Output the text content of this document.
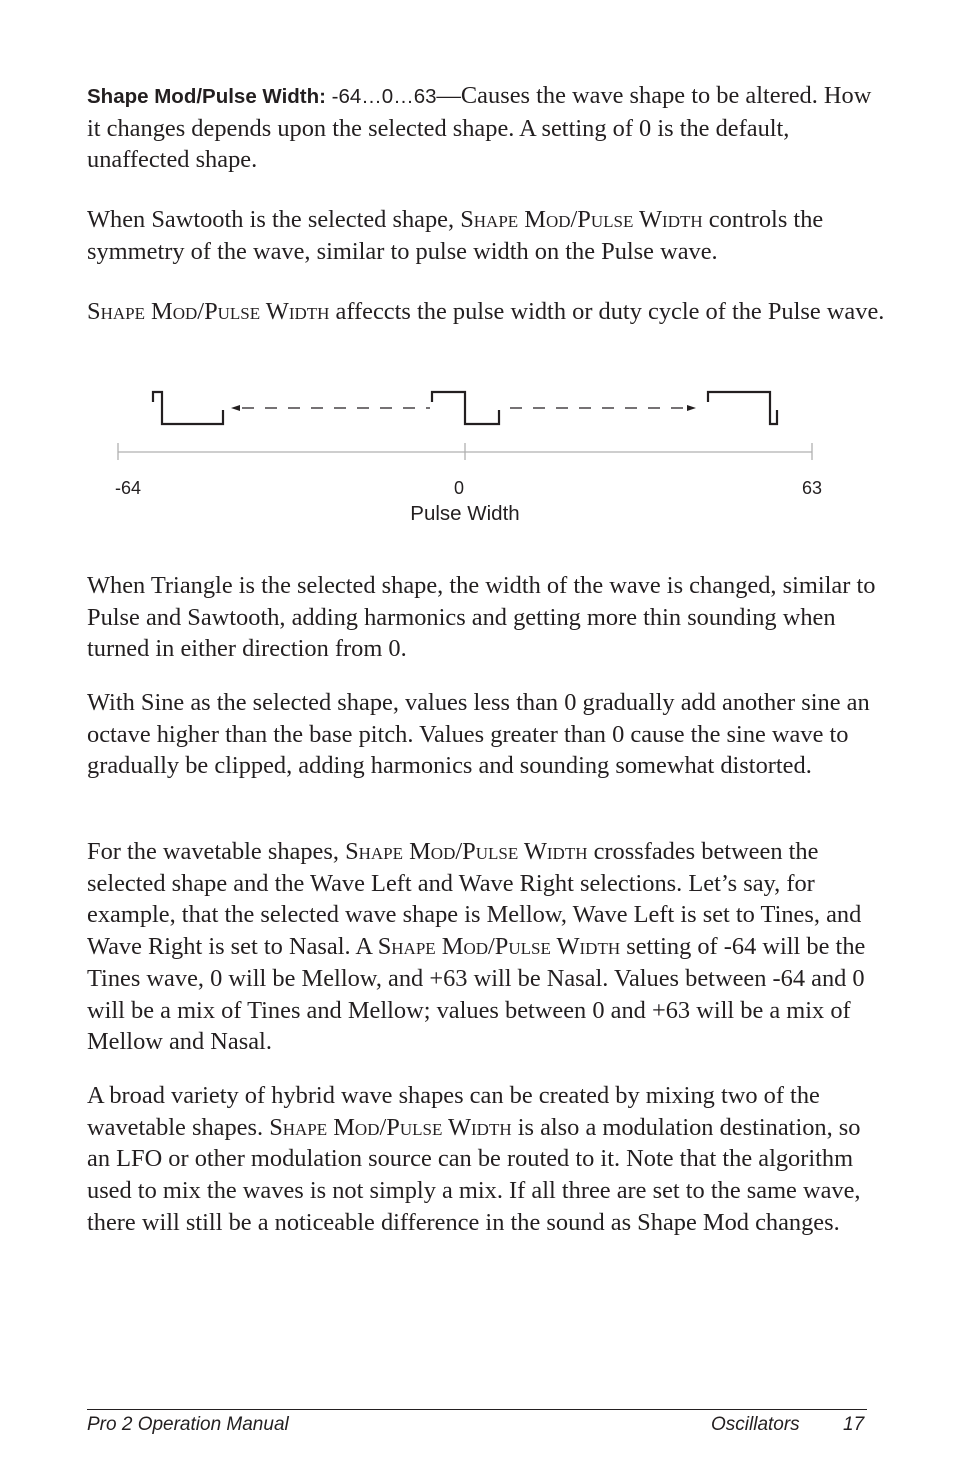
Shape Mod/Pulse Width: -64…0…63—Causes the wave shape to be altered. How it changes depends upon the selected shape. A setting of 0 is the default, unaffected shape.

When Sawtooth is the selected shape, Shape Mod/Pulse Width controls the symmetry of the wave, similar to pulse width on the Pulse wave.

Shape Mod/Pulse Width affeccts the pulse width or duty cycle of the Pulse wave.

-64	0	63
Pulse Width

When Triangle is the selected shape, the width of the wave is changed, similar to Pulse and Sawtooth, adding harmonics and getting more thin sounding when turned in either direction from 0.

With Sine as the selected shape, values less than 0 gradually add another sine an octave higher than the base pitch. Values greater than 0 cause the sine wave to gradually be clipped, adding harmonics and sounding somewhat distorted.

For the wavetable shapes, Shape Mod/Pulse Width crossfades between the selected shape and the Wave Left and Wave Right selections. Let’s say, for example, that the selected wave shape is Mellow, Wave Left is set to Tines, and Wave Right is set to Nasal. A Shape Mod/Pulse Width setting of -64 will be the Tines wave, 0 will be Mellow, and +63 will be Nasal. Values between -64 and 0 will be a mix of Tines and Mellow; values between 0 and +63 will be a mix of Mellow and Nasal.

A broad variety of hybrid wave shapes can be created by mixing two of the wavetable shapes. Shape Mod/Pulse Width is also a modulation destination, so an LFO or other modulation source can be routed to it. Note that the algorithm used to mix the waves is not simply a mix. If all three are set to the same wave, there will still be a noticeable difference in the sound as Shape Mod changes.

Pro 2 Operation Manual	Oscillators 17
